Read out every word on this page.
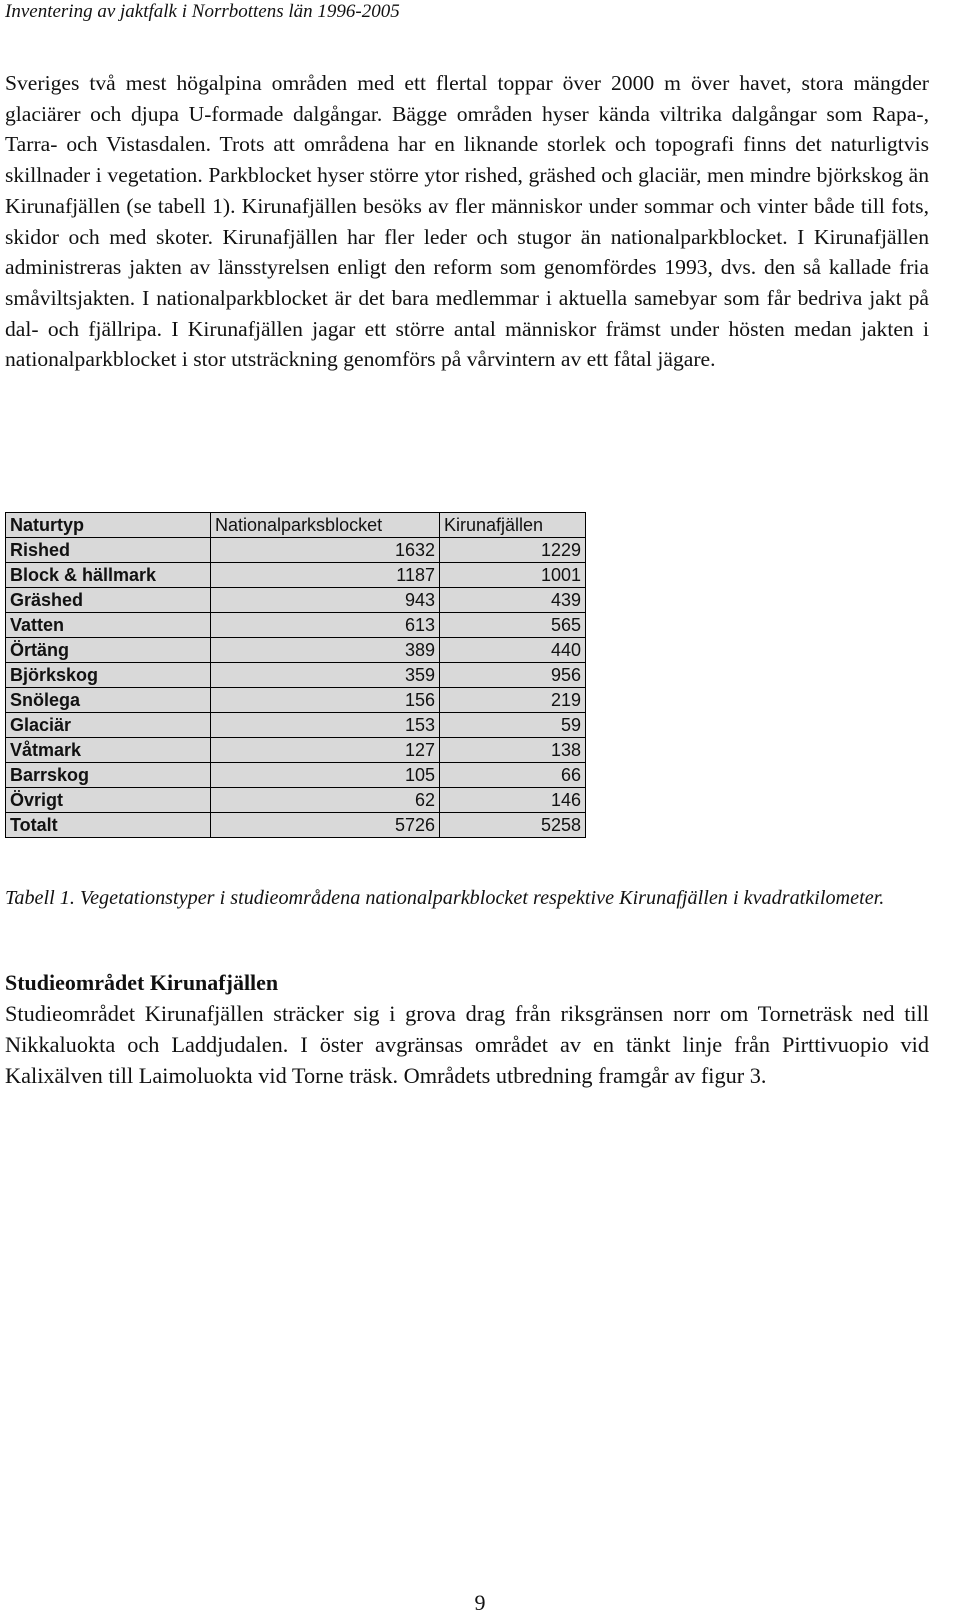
Inventering av jaktfalk i Norrbottens län 1996-2005

Sveriges två mest högalpina områden med ett flertal toppar över 2000 m över havet, stora mängder glaciärer och djupa U-formade dalgångar. Bägge områden hyser kända viltrika dalgångar som Rapa-, Tarra- och Vistasdalen. Trots att områdena har en liknande storlek och topografi finns det naturligtvis skillnader i vegetation. Parkblocket hyser större ytor rished, gräshed och glaciär, men mindre björkskog än Kirunafjällen (se tabell 1). Kirunafjällen besöks av fler människor under sommar och vinter både till fots, skidor och med skoter. Kirunafjällen har fler leder och stugor än nationalparkblocket. I Kirunafjällen administreras jakten av länsstyrelsen enligt den reform som genomfördes 1993, dvs. den så kallade fria småviltsjakten. I nationalparkblocket är det bara medlemmar i aktuella samebyar som får bedriva jakt på dal- och fjällripa. I Kirunafjällen jagar ett större antal människor främst under hösten medan jakten i nationalparkblocket i stor utsträckning genomförs på vårvintern av ett fåtal jägare.

Naturtyp	Nationalparksblocket	Kirunafjällen
Rished	1632	1229
Block & hällmark	1187	1001
Gräshed	943	439
Vatten	613	565
Örtäng	389	440
Björkskog	359	956
Snölega	156	219
Glaciär	153	59
Våtmark	127	138
Barrskog	105	66
Övrigt	62	146
Totalt	5726	5258

Tabell 1. Vegetationstyper i studieområdena nationalparkblocket respektive Kirunafjällen i kvadratkilometer.

Studieområdet Kirunafjällen

Studieområdet Kirunafjällen sträcker sig i grova drag från riksgränsen norr om Torneträsk ned till Nikkaluokta och Laddjudalen. I öster avgränsas området av en tänkt linje från Pirttivuopio vid Kalixälven till Laimoluokta vid Torne träsk. Områdets utbredning framgår av figur 3.

9
